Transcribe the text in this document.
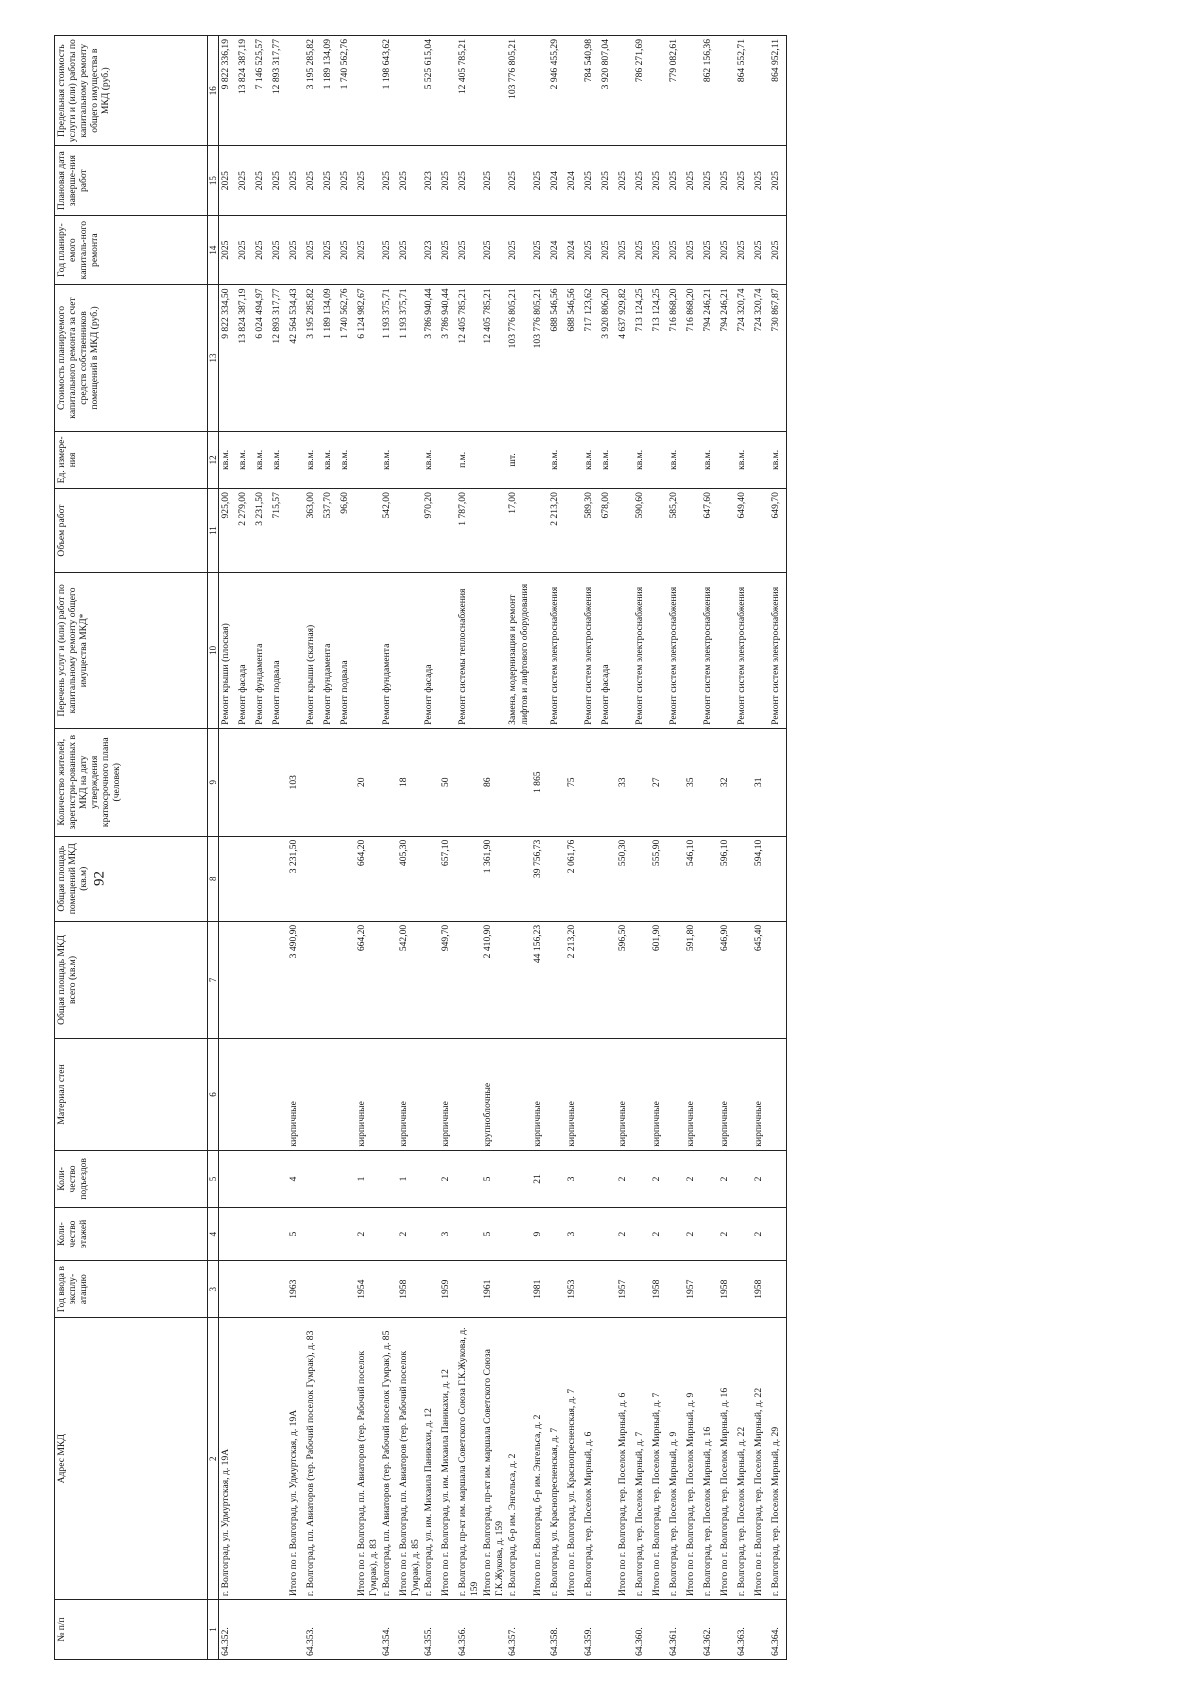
92
№ п/п	Адрес МКД	Год ввода в эксплу-атацию	Коли-чество этажей	Коли-чество подъездов	Материал стен	Общая площадь МКД всего (кв.м)	Общая площадь помещений МКД (кв.м)	Количество жителей, зарегистри-рованных в МКД на дату утверждения краткосрочного плана (человек)	Перечень услуг и (или) работ по капитальному ремонту общего имущества МКД*	Объем работ	Ед. измере-ния	Стоимость планируемого капитального ремонта за счет средств собственников помещений в МКД (руб.)	Год планиру-емого капиталь-ного ремонта	Плановая дата заверше-ния работ	Предельная стоимость услуги и (или) работы по капитальному ремонту общего имущества в МКД (руб.)
1	2	3	4	5	6	7	8	9	10	11	12	13	14	15	16
64.352.	г. Волгоград, ул. Удмуртская, д. 19А								Ремонт крыши (плоская)	925,00	кв.м.	9 822 334,50	2025	2025	9 822 336,19
									Ремонт фасада	2 279,00	кв.м.	13 824 387,19	2025	2025	13 824 387,19
									Ремонт фундамента	3 231,50	кв.м.	6 024 494,97	2025	2025	7 146 525,57
									Ремонт подвала	715,57	кв.м.	12 893 317,77	2025	2025	12 893 317,77
	Итого по г. Волгоград, ул. Удмуртская, д. 19А	1963	5	4	кирпичные	3 490,90	3 231,50	103				42 564 534,43	2025	2025	
64.353.	г. Волгоград, пл. Авиаторов (тер. Рабочий поселок Гумрак), д. 83								Ремонт крыши (скатная)	363,00	кв.м.	3 195 285,82	2025	2025	3 195 285,82
									Ремонт фундамента	537,70	кв.м.	1 189 134,09	2025	2025	1 189 134,09
									Ремонт подвала	96,60	кв.м.	1 740 562,76	2025	2025	1 740 562,76
	Итого по г. Волгоград, пл. Авиаторов (тер. Рабочий поселок Гумрак), д. 83	1954	2	1	кирпичные	664,20	664,20	20				6 124 982,67	2025	2025	
64.354.	г. Волгоград, пл. Авиаторов (тер. Рабочий поселок Гумрак), д. 85								Ремонт фундамента	542,00	кв.м.	1 193 375,71	2025	2025	1 198 643,62
	Итого по г. Волгоград, пл. Авиаторов (тер. Рабочий поселок Гумрак), д. 85	1958	2	1	кирпичные	542,00	405,30	18				1 193 375,71	2025	2025	
64.355.	г. Волгоград, ул. им. Михаила Паникахи, д. 12								Ремонт фасада	970,20	кв.м.	3 786 940,44	2023	2023	5 525 615,04
	Итого по г. Волгоград, ул. им. Михаила Паникахи, д. 12	1959	3	2	кирпичные	949,70	657,10	50				3 786 940,44	2025	2025	
64.356.	г. Волгоград, пр-кт им. маршала Советского Союза Г.К.Жукова, д. 159								Ремонт системы теплоснабжения	1 787,00	п.м.	12 405 785,21	2025	2025	12 405 785,21
	Итого по г. Волгоград, пр-кт им. маршала Советского Союза Г.К.Жукова, д. 159	1961	5	5	крупноблочные	2 410,90	1 361,90	86				12 405 785,21	2025	2025	
64.357.	г. Волгоград, б-р им. Энгельса, д. 2								Замена, модернизация и ремонт лифтов и лифтового оборудования	17,00	шт.	103 776 805,21	2025	2025	103 776 805,21
	Итого по г. Волгоград, б-р им. Энгельса, д. 2	1981	9	21	кирпичные	44 156,23	39 756,73	1 865				103 776 805,21	2025	2025	
64.358.	г. Волгоград, ул. Краснопресненская, д. 7								Ремонт систем электроснабжения	2 213,20	кв.м.	688 546,56	2024	2024	2 946 455,29
	Итого по г. Волгоград, ул. Краснопресненская, д. 7	1953	3	3	кирпичные	2 213,20	2 061,76	75				688 546,56	2024	2024	
64.359.	г. Волгоград, тер. Поселок Мирный, д. 6								Ремонт систем электроснабжения	589,30	кв.м.	717 123,62	2025	2025	784 540,98
									Ремонт фасада	678,00	кв.м.	3 920 806,20	2025	2025	3 920 807,04
	Итого по г. Волгоград, тер. Поселок Мирный, д. 6	1957	2	2	кирпичные	596,50	550,30	33				4 637 929,82	2025	2025	
64.360.	г. Волгоград, тер. Поселок Мирный, д. 7								Ремонт систем электроснабжения	590,60	кв.м.	713 124,25	2025	2025	786 271,69
	Итого по г. Волгоград, тер. Поселок Мирный, д. 7	1958	2	2	кирпичные	601,90	555,90	27				713 124,25	2025	2025	
64.361.	г. Волгоград, тер. Поселок Мирный, д. 9								Ремонт систем электроснабжения	585,20	кв.м.	716 868,20	2025	2025	779 082,61
	Итого по г. Волгоград, тер. Поселок Мирный, д. 9	1957	2	2	кирпичные	591,80	546,10	35				716 868,20	2025	2025	
64.362.	г. Волгоград, тер. Поселок Мирный, д. 16								Ремонт систем электроснабжения	647,60	кв.м.	794 246,21	2025	2025	862 156,36
	Итого по г. Волгоград, тер. Поселок Мирный, д. 16	1958	2	2	кирпичные	646,90	596,10	32				794 246,21	2025	2025	
64.363.	г. Волгоград, тер. Поселок Мирный, д. 22								Ремонт систем электроснабжения	649,40	кв.м.	724 320,74	2025	2025	864 552,71
	Итого по г. Волгоград, тер. Поселок Мирный, д. 22	1958	2	2	кирпичные	645,40	594,10	31				724 320,74	2025	2025	
64.364.	г. Волгоград, тер. Поселок Мирный, д. 29								Ремонт систем электроснабжения	649,70	кв.м.	730 867,87	2025	2025	864 952,11
